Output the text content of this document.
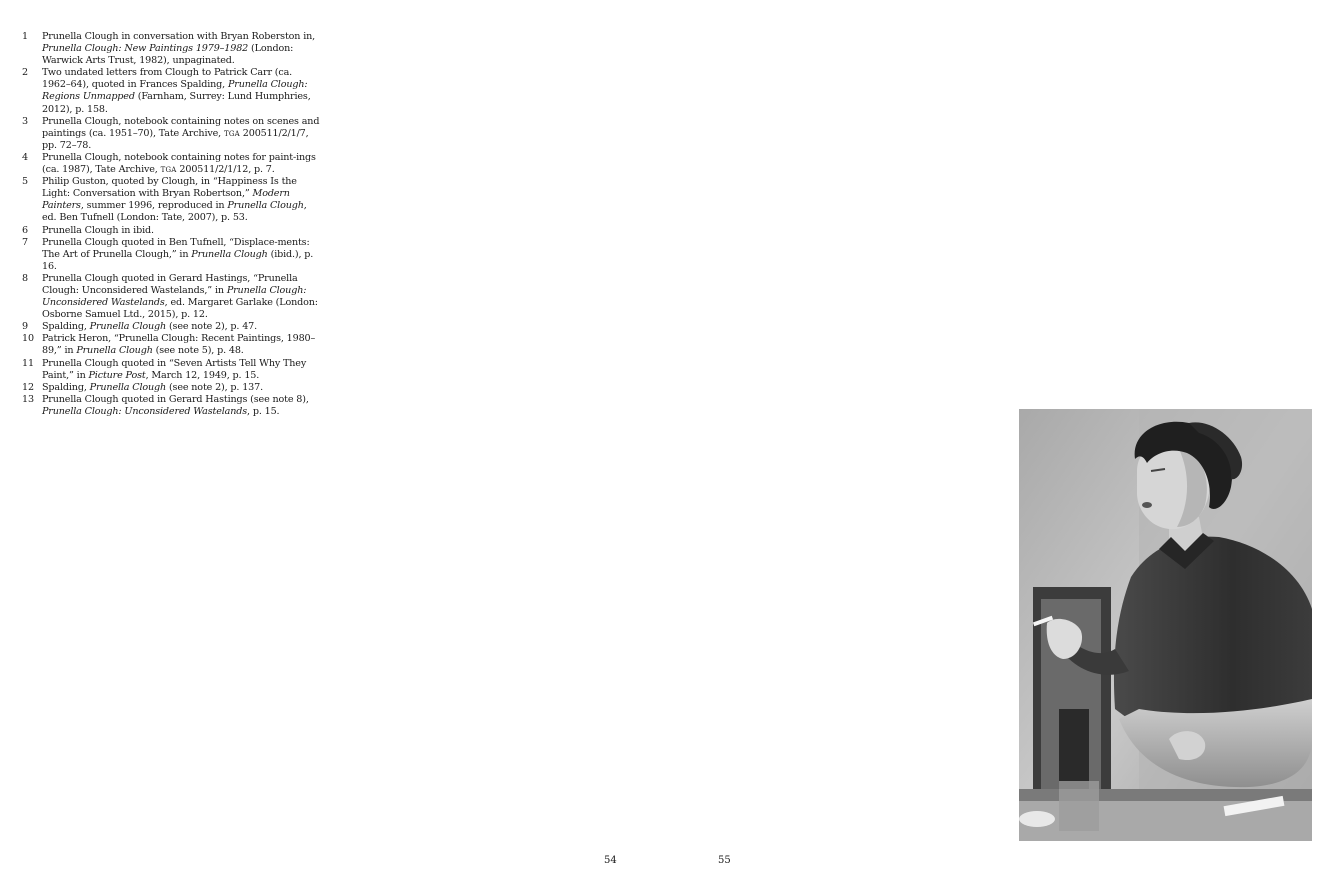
1	Prunella Clough in conversation with Bryan Roberston in, Prunella Clough: New Paintings 1979–1982 (London: Warwick Arts Trust, 1982), unpaginated.
2	Two undated letters from Clough to Patrick Carr (ca. 1962–64), quoted in Frances Spalding, Prunella Clough: Regions Unmapped (Farnham, Surrey: Lund Humphries, 2012), p. 158.
3	Prunella Clough, notebook containing notes on scenes and paintings (ca. 1951–70), Tate Archive, tga 200511/2/1/7, pp. 72–78.
4	Prunella Clough, notebook containing notes for paint-ings (ca. 1987), Tate Archive, tga 200511/2/1/12, p. 7.
5	Philip Guston, quoted by Clough, in “Happiness Is the Light: Conversation with Bryan Robertson,” Modern Painters, summer 1996, reproduced in Prunella Clough, ed. Ben Tufnell (London: Tate, 2007), p. 53.
6	Prunella Clough in ibid.
7	Prunella Clough quoted in Ben Tufnell, “Displace-ments: The Art of Prunella Clough,” in Prunella Clough (ibid.), p. 16.
8	Prunella Clough quoted in Gerard Hastings, “Prunella Clough: Unconsidered Wastelands,” in Prunella Clough: Unconsidered Wastelands, ed. Margaret Garlake (London: Osborne Samuel Ltd., 2015), p. 12.
9	Spalding, Prunella Clough (see note 2), p. 47.
10 Patrick Heron, “Prunella Clough: Recent Paintings, 1980–89,” in Prunella Clough (see note 5), p. 48.
11 Prunella Clough quoted in “Seven Artists Tell Why They Paint,” in Picture Post, March 12, 1949, p. 15.
12 Spalding, Prunella Clough (see note 2), p. 137.
13 Prunella Clough quoted in Gerard Hastings (see note 8), Prunella Clough: Unconsidered Wastelands, p. 15.
54	55
